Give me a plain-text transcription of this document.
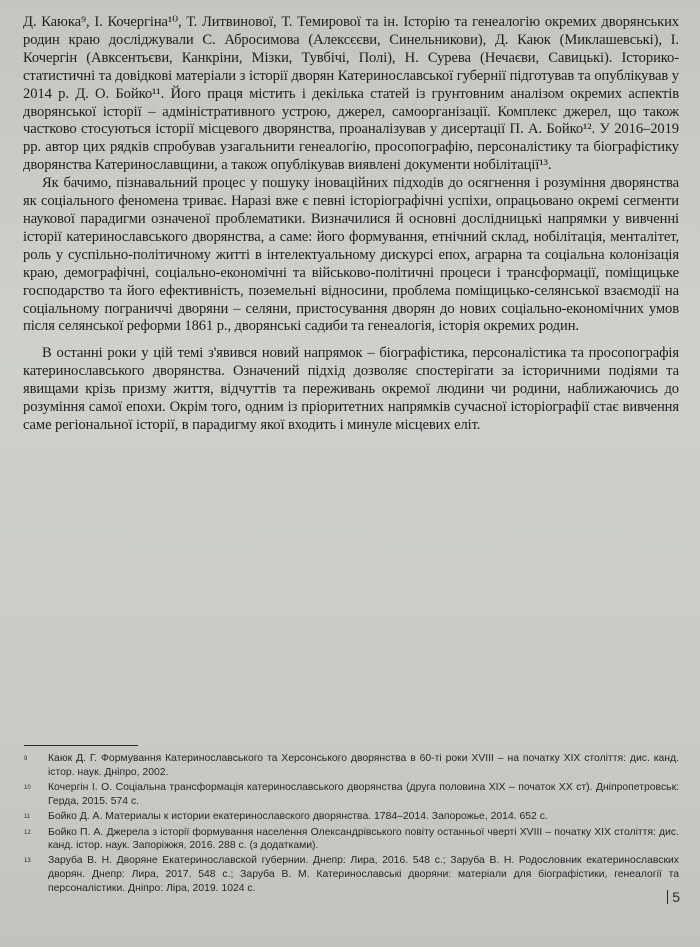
Д. Каюка⁹, І. Кочергіна¹⁰, Т. Литвинової, Т. Темирової та ін. Історію та генеалогію окремих дворянських родин краю досліджували С. Абросимова (Алексєєви, Синельникови), Д. Каюк (Миклашевські), І. Кочергін (Авксентьєви, Канкріни, Мізки, Тувбічі, Полі), Н. Сурева (Нечаєви, Савицькі). Історико-статистичні та довідкові матеріали з історії дворян Катеринославської губернії підготував та опублікував у 2014 р. Д. О. Бойко¹¹. Його праця містить і декілька статей із грунтовним аналізом окремих аспектів дворянської історії – адміністративного устрою, джерел, самоорганізації. Комплекс джерел, що також частково стосуються історії місцевого дворянства, проаналізував у дисертації П. А. Бойко¹². У 2016–2019 рр. автор цих рядків спробував узагальнити генеалогію, просопографію, персоналістику та біографістику дворянства Катеринославщини, а також опублікував виявлені документи нобілітації¹³.

Як бачимо, пізнавальний процес у пошуку іноваційних підходів до осягнення і розуміння дворянства як соціального феномена триває. Наразі вже є певні історіографічні успіхи, опрацьовано окремі сегменти наукової парадигми означеної проблематики. Визначилися й основні дослідницькі напрямки у вивченні історії катеринославського дворянства, а саме: його формування, етнічний склад, нобілітація, менталітет, роль у суспільно-політичному житті в інтелектуальному дискурсі епох, аграрна та соціальна колонізація краю, демографічні, соціально-економічні та військово-політичні процеси і трансформації, поміщицьке господарство та його ефективність, поземельні відносини, проблема поміщицько-селянської взаємодії на соціальному пограниччі дворяни – селяни, пристосування дворян до нових соціально-економічних умов після селянської реформи 1861 р., дворянські садиби та генеалогія, історія окремих родин.

В останні роки у цій темі з'явився новий напрямок – біографістика, персоналістика та просопографія катеринославського дворянства. Означений підхід дозволяє спостерігати за історичними подіями та явищами крізь призму життя, відчуттів та переживань окремої людини чи родини, наближаючись до розуміння самої епохи. Окрім того, одним із пріоритетних напрямків сучасної історіографії стає вивчення саме регіональної історії, в парадигму якої входить і минуле місцевих еліт.

9	Каюк Д. Г. Формування Катеринославського та Херсонського дворянства в 60-ті роки XVIII – на початку XIX століття: дис. канд. істор. наук. Дніпро, 2002.
10	Кочергін І. О. Соціальна трансформація катеринославського дворянства (друга половина XIX – початок XX ст). Дніпропетровськ: Герда, 2015. 574 с.
11	Бойко Д. А. Материалы к истории екатеринославского дворянства. 1784–2014. Запорожье, 2014. 652 с.
12	Бойко П. А. Джерела з історії формування населення Олександрівського повіту останньої чверті XVIII – початку XIX століття: дис. канд. істор. наук. Запоріжжя, 2016. 288 с. (з додатками).
13	Заруба В. Н. Дворяне Екатеринославской губернии. Днепр: Лира, 2016. 548 с.; Заруба В. Н. Родословник екатеринославских дворян. Днепр: Лира, 2017. 548 с.; Заруба В. М. Катеринославські дворяни: матеріали для біографістики, генеалогії та персоналістики. Дніпро: Ліра, 2019. 1024 с.
5
